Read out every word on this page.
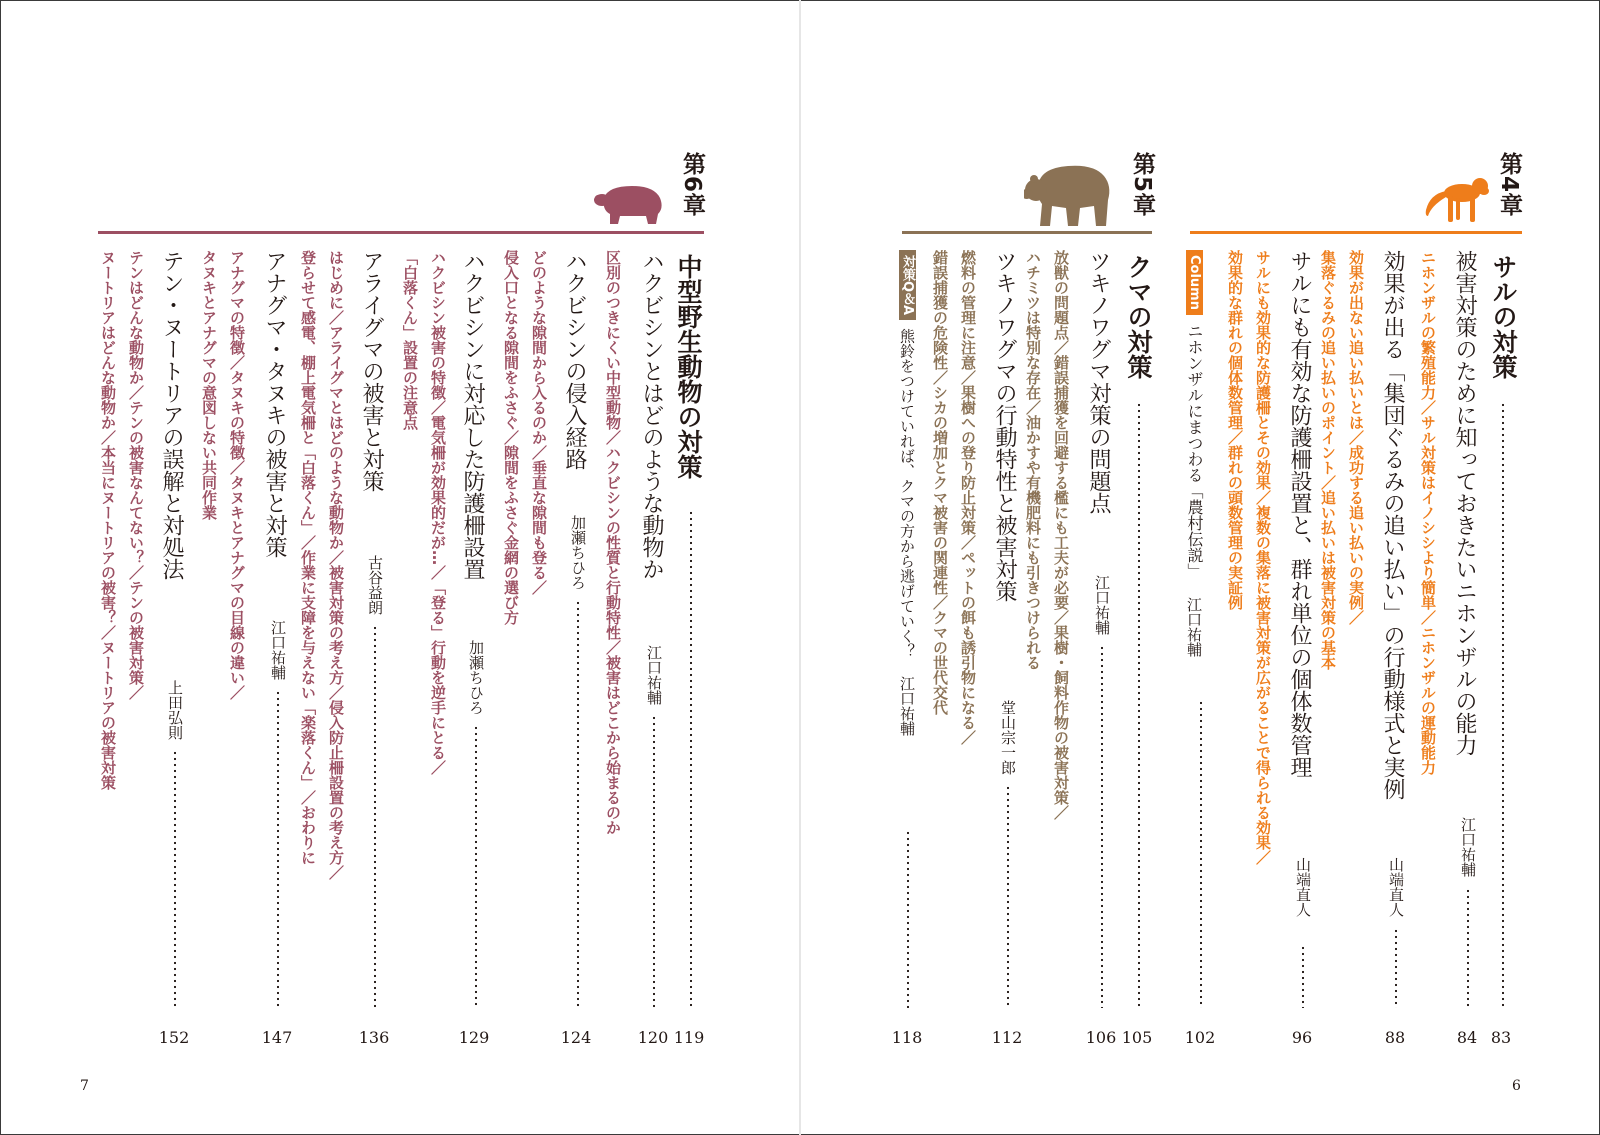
第4章
サルの対策
83
被害対策のために知っておきたいニホンザルの能力
江口祐輔
84
ニホンザルの繁殖能力／サル対策はイノシシより簡単／ニホンザルの運動能力
効果が出る「集団ぐるみの追い払い」の行動様式と実例
山端直人
88
効果が出ない追い払いとは／成功する追い払いの実例／
集落ぐるみの追い払いのポイント／追い払いは被害対策の基本
サルにも有効な防護柵設置と、群れ単位の個体数管理
山端直人
96
サルにも効果的な防護柵とその効果／複数の集落に被害対策が広がることで得られる効果／
効果的な群れの個体数管理／群れの頭数管理の実証例
Columnニホンザルにまつわる「農村伝説」江口祐輔
102
第5章
クマの対策
105
ツキノワグマ対策の問題点
江口祐輔
106
放獣の問題点／錯誤捕獲を回避する檻にも工夫が必要／果樹・飼料作物の被害対策／
ハチミツは特別な存在／油かすや有機肥料にも引きつけられる
ツキノワグマの行動特性と被害対策
堂山宗一郎
112
燃料の管理に注意／果樹への登り防止対策／ペットの餌も誘引物になる／
錯誤捕獲の危険性／シカの増加とクマ被害の関連性／クマの世代交代
対策Q＆A熊鈴をつけていれば、クマの方から逃げていく？江口祐輔
118
第6章
中型野生動物の対策
119
ハクビシンとはどのような動物か
江口祐輔
120
区別のつきにくい中型動物／ハクビシンの性質と行動特性／被害はどこから始まるのか
ハクビシンの侵入経路
加瀬ちひろ
124
どのような隙間から入るのか／垂直な隙間も登る／
侵入口となる隙間をふさぐ／隙間をふさぐ金網の選び方
ハクビシンに対応した防護柵設置
加瀬ちひろ
129
ハクビシン被害の特徴／電気柵が効果的だが…／「登る」行動を逆手にとる／
「白落くん」設置の注意点
アライグマの被害と対策
古谷益朗
136
はじめに／アライグマとはどのような動物か／被害対策の考え方／侵入防止柵設置の考え方／
登らせて感電、棚上電気柵と「白落くん」／作業に支障を与えない「楽落くん」／おわりに
アナグマ・タヌキの被害と対策
江口祐輔
147
アナグマの特徴／タヌキの特徴／タヌキとアナグマの目線の違い／
タヌキとアナグマの意図しない共同作業
テン・ヌートリアの誤解と対処法
上田弘則
152
テンはどんな動物か／テンの被害なんてない？／テンの被害対策／
ヌートリアはどんな動物か／本当にヌートリアの被害？／ヌートリアの被害対策
7	6
